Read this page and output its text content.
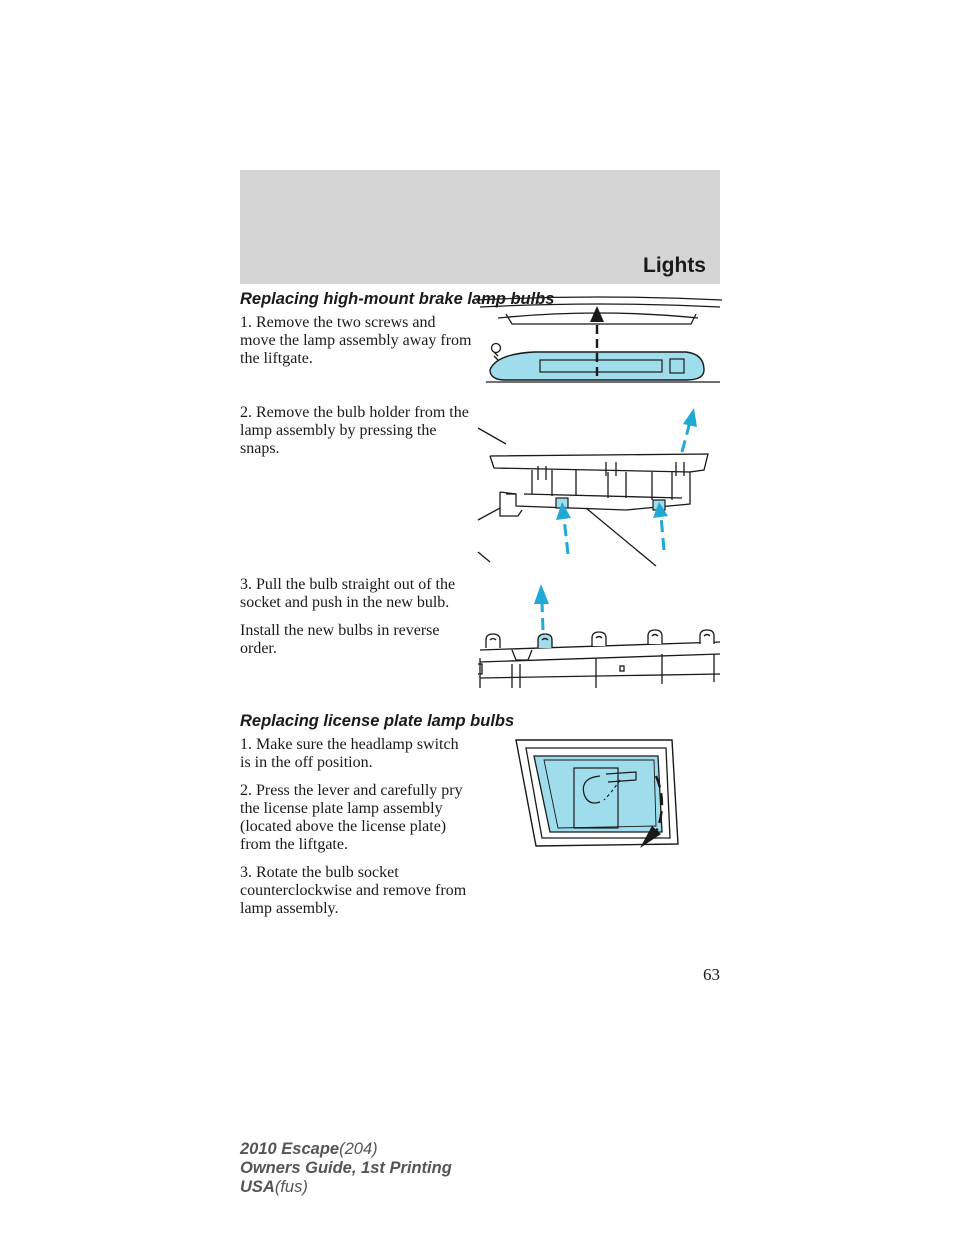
Lights
Replacing high-mount brake lamp bulbs

1. Remove the two screws and move the lamp assembly away from the liftgate.

2. Remove the bulb holder from the lamp assembly by pressing the snaps.

3. Pull the bulb straight out of the socket and push in the new bulb.

Install the new bulbs in reverse order.

Replacing license plate lamp bulbs

1. Make sure the headlamp switch is in the off position.

2. Press the lever and carefully pry the license plate lamp assembly (located above the license plate) from the liftgate.

3. Rotate the bulb socket counterclockwise and remove from lamp assembly.

63
2010 Escape(204)
Owners Guide, 1st Printing
USA(fus)
